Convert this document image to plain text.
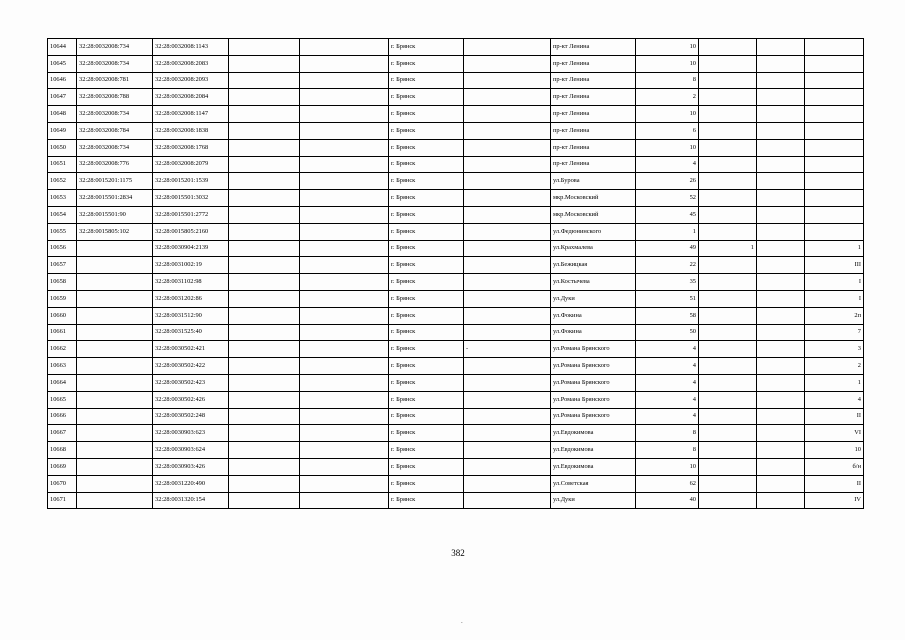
10644	32:28:0032008:734	32:28:0032008:1143			г. Брянск		пр-кт Ленина	10			
10645	32:28:0032008:734	32:28:0032008:2083			г. Брянск		пр-кт Ленина	10			
10646	32:28:0032008:781	32:28:0032008:2093			г. Брянск		пр-кт Ленина	8			
10647	32:28:0032008:788	32:28:0032008:2084			г. Брянск		пр-кт Ленина	2			
10648	32:28:0032008:734	32:28:0032008:1147			г. Брянск		пр-кт Ленина	10			
10649	32:28:0032008:784	32:28:0032008:1838			г. Брянск		пр-кт Ленина	6			
10650	32:28:0032008:734	32:28:0032008:1768			г. Брянск		пр-кт Ленина	10			
10651	32:28:0032008:776	32:28:0032008:2079			г. Брянск		пр-кт Ленина	4			
10652	32:28:0015201:1175	32:28:0015201:1539			г. Брянск		ул.Бурова	26			
10653	32:28:0015501:2834	32:28:0015501:3032			г. Брянск		мкр.Московский	52			
10654	32:28:0015501:90	32:28:0015501:2772			г. Брянск		мкр.Московский	45			
10655	32:28:0015805:102	32:28:0015805:2160			г. Брянск		ул.Федюнинского	1			
10656		32:28:0030904:2139			г. Брянск		ул.Крахмалева	49	1		1
10657		32:28:0031002:19			г. Брянск		ул.Бежицкая	22			III
10658		32:28:0031102:98			г. Брянск		ул.Костычева	35			I
10659		32:28:0031202:86			г. Брянск		ул.Дуки	51			I
10660		32:28:0031512:90			г. Брянск		ул.Фокина	58			2п
10661		32:28:0031525:40			г. Брянск		ул.Фокина	50			7
10662		32:28:0030502:421			г. Брянск	-	ул.Романа Брянского	4			3
10663		32:28:0030502:422			г. Брянск		ул.Романа Брянского	4			2
10664		32:28:0030502:423			г. Брянск		ул.Романа Брянского	4			1
10665		32:28:0030502:426			г. Брянск		ул.Романа Брянского	4			4
10666		32:28:0030502:248			г. Брянск		ул.Романа Брянского	4			II
10667		32:28:0030903:623			г. Брянск		ул.Евдокимова	8			VI
10668		32:28:0030903:624			г. Брянск		ул.Евдокимова	8			10
10669		32:28:0030903:426			г. Брянск		ул.Евдокимова	10			б/н
10670		32:28:0031220:490			г. Брянск		ул.Советская	62			II
10671		32:28:0031320:154			г. Брянск		ул.Дуки	40			IV
382
.
